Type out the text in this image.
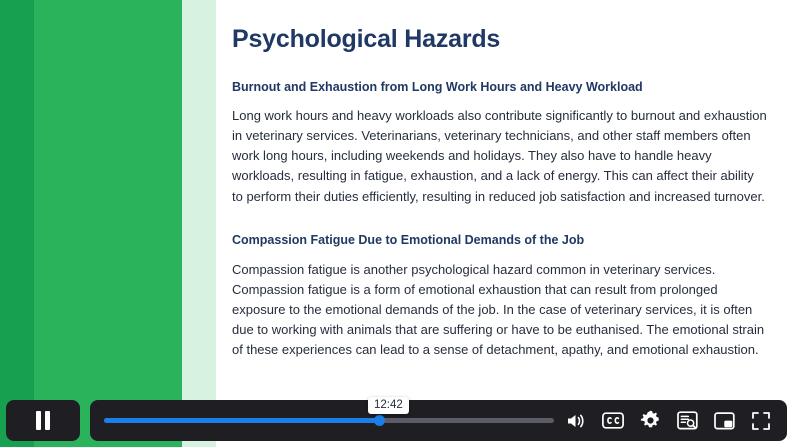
Psychological Hazards
Burnout and Exhaustion from Long Work Hours and Heavy Workload

Long work hours and heavy workloads also contribute significantly to burnout and exhaustion in veterinary services. Veterinarians, veterinary technicians, and other staff members often work long hours, including weekends and holidays. They also have to handle heavy workloads, resulting in fatigue, exhaustion, and a lack of energy. This can affect their ability to perform their duties efficiently, resulting in reduced job satisfaction and increased turnover.

Compassion Fatigue Due to Emotional Demands of the Job

Compassion fatigue is another psychological hazard common in veterinary services. Compassion fatigue is a form of emotional exhaustion that can result from prolonged exposure to the emotional demands of the job. In the case of veterinary services, it is often due to working with animals that are suffering or have to be euthanised. The emotional strain of these experiences can lead to a sense of detachment, apathy, and emotional exhaustion.

12:42
